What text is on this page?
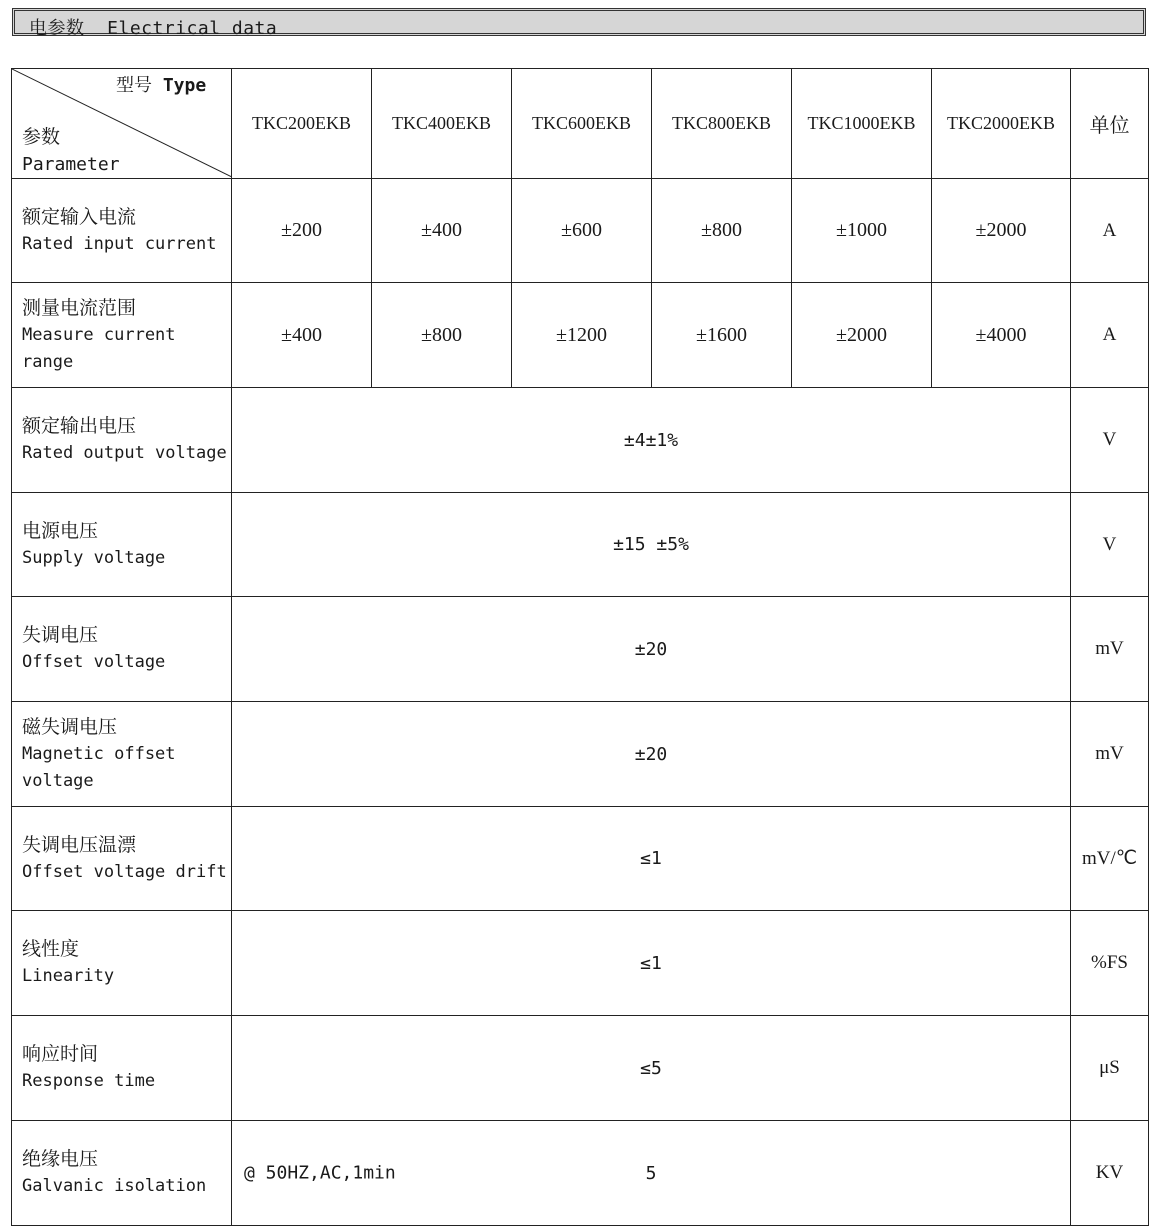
电参数  Electrical data
型号 Type
参数
Parameter	TKC200EKB	TKC400EKB	TKC600EKB	TKC800EKB	TKC1000EKB	TKC2000EKB	单位

额定输入电流
Rated input current	±200	±400	±600	±800	±1000	±2000	A

测量电流范围
Measure current range	±400	±800	±1200	±1600	±2000	±4000	A

额定输出电压
Rated output voltage	±4±1%						V

电源电压
Supply voltage	±15 ±5%						V

失调电压
Offset voltage	±20						mV

磁失调电压
Magnetic offset voltage	±20						mV

失调电压温漂
Offset voltage drift	≤1						mV/℃

线性度
Linearity	≤1						%FS

响应时间
Response time	≤5						μS

绝缘电压
Galvanic isolation	@ 50HZ,AC,1min 5						KV
